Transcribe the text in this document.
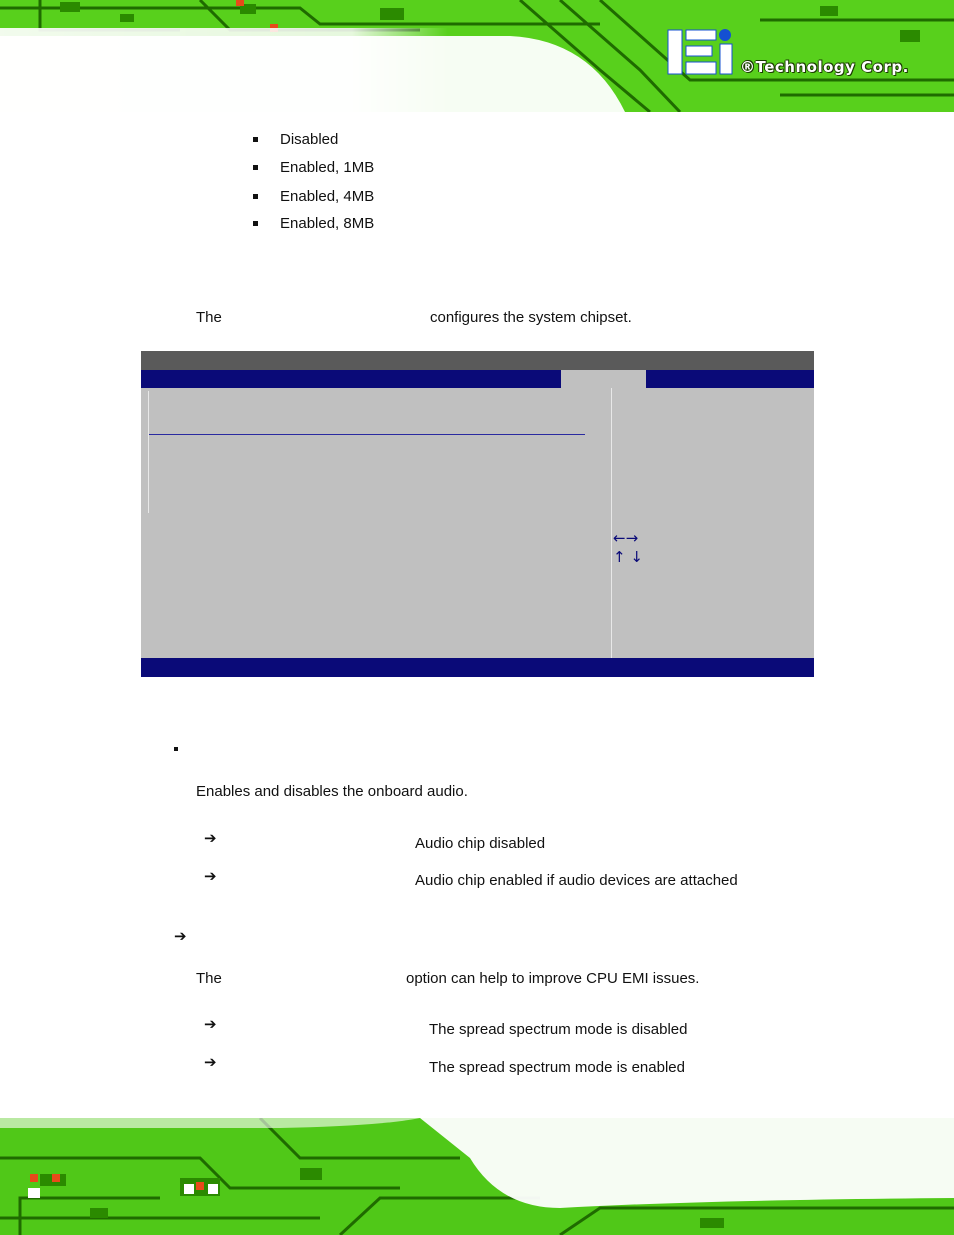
®Technology Corp.
Disabled
Enabled, 1MB
Enabled, 4MB
Enabled, 8MB
The	configures the system chipset.
←→
↑ ↓
Enables and disables the onboard audio.
➔	Audio chip disabled
➔	Audio chip enabled if audio devices are attached
➔
The	option can help to improve CPU EMI issues.
➔	The spread spectrum mode is disabled
➔	The spread spectrum mode is enabled
